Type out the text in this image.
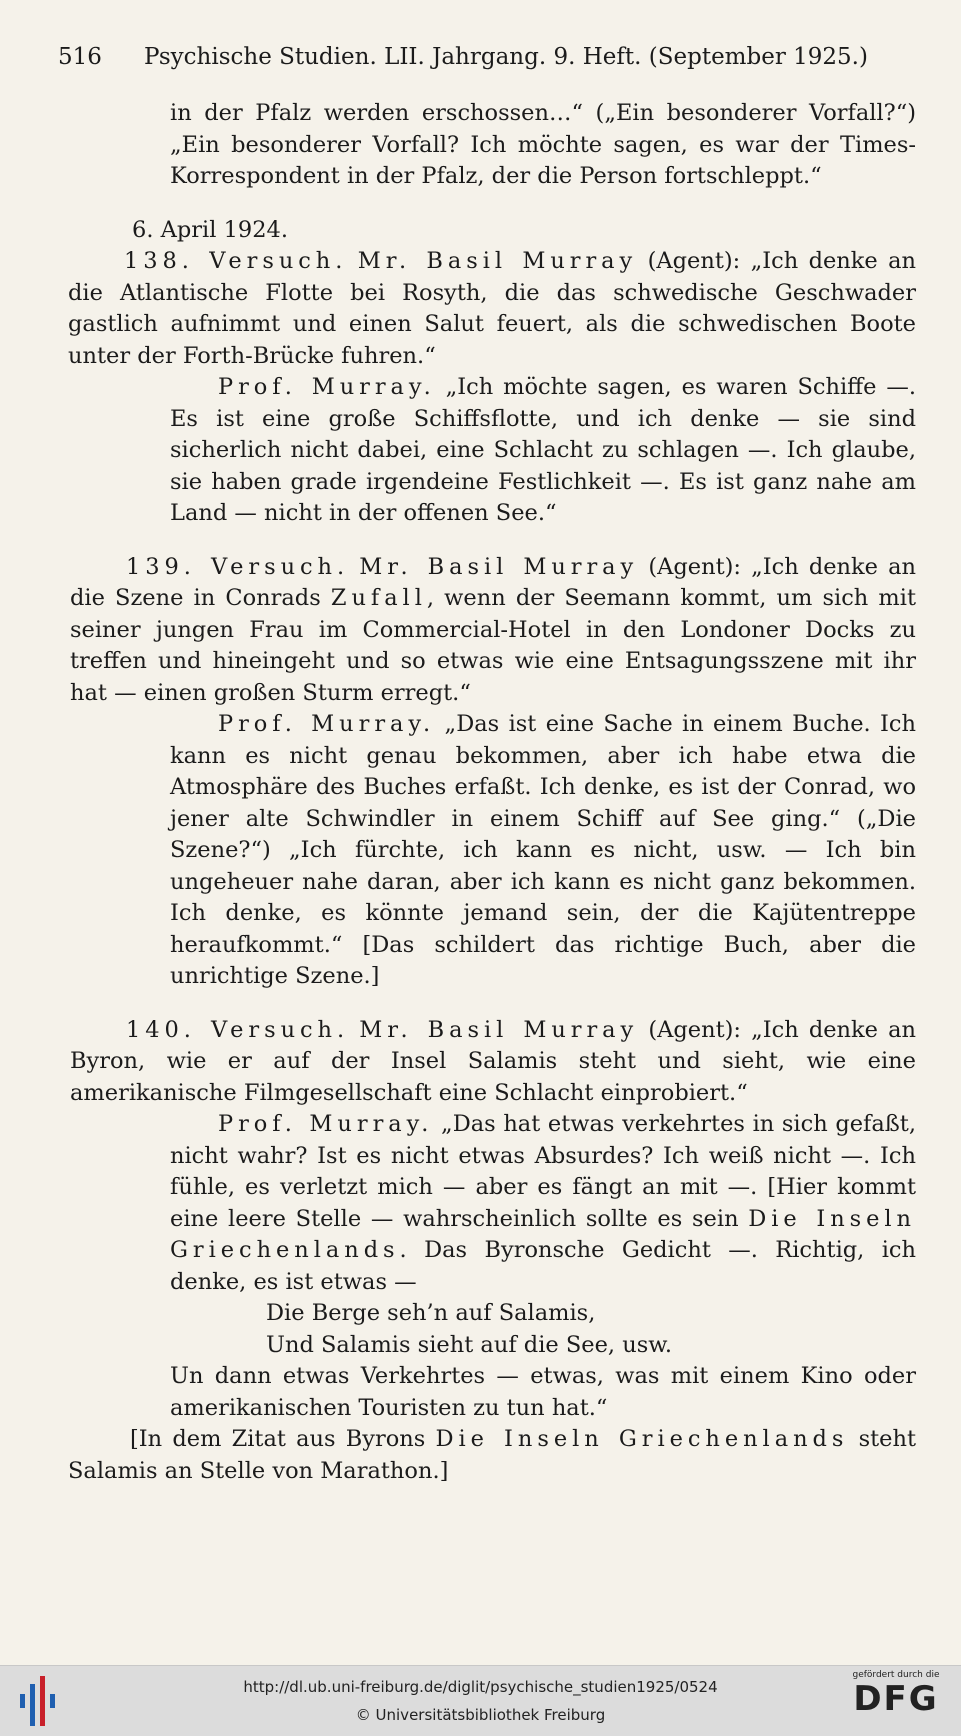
516 Psychische Studien. LII. Jahrgang. 9. Heft. (September 1925.)

in der Pfalz werden erschossen…“ („Ein besonderer Vorfall?“) „Ein besonderer Vorfall? Ich möchte sagen, es war der Times-Korrespondent in der Pfalz, der die Person fortschleppt.“

6. April 1924.

138. Versuch. Mr. Basil Murray (Agent): „Ich denke an die Atlantische Flotte bei Rosyth, die das schwedische Geschwader gastlich aufnimmt und einen Salut feuert, als die schwedischen Boote unter der Forth-Brücke fuhren.“

Prof. Murray. „Ich möchte sagen, es waren Schiffe —. Es ist eine große Schiffsflotte, und ich denke — sie sind sicherlich nicht dabei, eine Schlacht zu schlagen —. Ich glaube, sie haben grade irgendeine Festlichkeit —. Es ist ganz nahe am Land — nicht in der offenen See.“

139. Versuch. Mr. Basil Murray (Agent): „Ich denke an die Szene in Conrads Zufall, wenn der Seemann kommt, um sich mit seiner jungen Frau im Commercial-Hotel in den Londoner Docks zu treffen und hineingeht und so etwas wie eine Entsagungsszene mit ihr hat — einen großen Sturm erregt.“

Prof. Murray. „Das ist eine Sache in einem Buche. Ich kann es nicht genau bekommen, aber ich habe etwa die Atmosphäre des Buches erfaßt. Ich denke, es ist der Conrad, wo jener alte Schwindler in einem Schiff auf See ging.“ („Die Szene?“) „Ich fürchte, ich kann es nicht, usw. — Ich bin ungeheuer nahe daran, aber ich kann es nicht ganz bekommen. Ich denke, es könnte jemand sein, der die Kajütentreppe heraufkommt.“ [Das schildert das richtige Buch, aber die unrichtige Szene.]

140. Versuch. Mr. Basil Murray (Agent): „Ich denke an Byron, wie er auf der Insel Salamis steht und sieht, wie eine amerikanische Filmgesellschaft eine Schlacht einprobiert.“

Prof. Murray. „Das hat etwas verkehrtes in sich gefaßt, nicht wahr? Ist es nicht etwas Absurdes? Ich weiß nicht —. Ich fühle, es verletzt mich — aber es fängt an mit —. [Hier kommt eine leere Stelle — wahrscheinlich sollte es sein Die Inseln Griechenlands. Das Byronsche Gedicht —. Richtig, ich denke, es ist etwas —

Die Berge seh’n auf Salamis,
Und Salamis sieht auf die See, usw.

Un dann etwas Verkehrtes — etwas, was mit einem Kino oder amerikanischen Touristen zu tun hat.“

[In dem Zitat aus Byrons Die Inseln Griechenlands steht Salamis an Stelle von Marathon.]

http://dl.ub.uni-freiburg.de/diglit/psychische_studien1925/0524
© Universitätsbibliothek Freiburg
gefördert durch die
DFG
